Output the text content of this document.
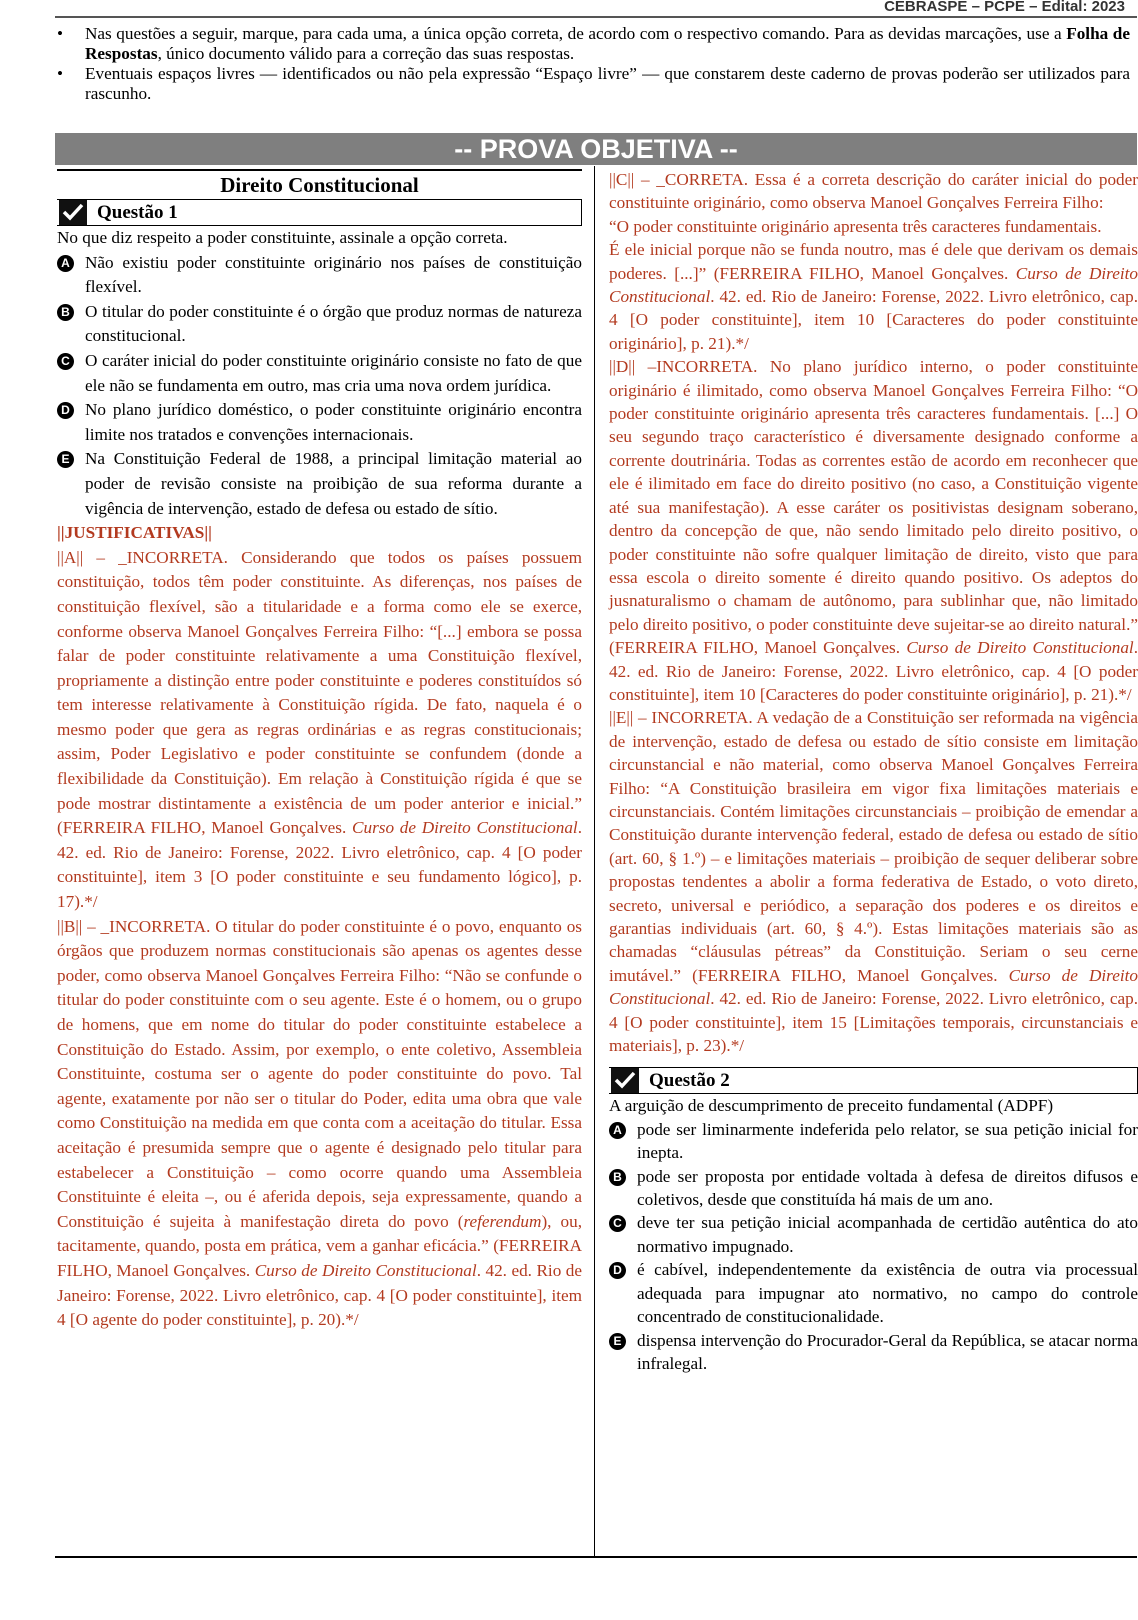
CEBRASPE – PCPE – Edital: 2023
• Nas questões a seguir, marque, para cada uma, a única opção correta, de acordo com o respectivo comando. Para as devidas marcações, use a Folha de Respostas, único documento válido para a correção das suas respostas.
• Eventuais espaços livres — identificados ou não pela expressão “Espaço livre” — que constarem deste caderno de provas poderão ser utilizados para rascunho.
-- PROVA OBJETIVA --
Direito Constitucional
Questão 1

No que diz respeito a poder constituinte, assinale a opção correta.

A Não existiu poder constituinte originário nos países de constituição flexível.
B O titular do poder constituinte é o órgão que produz normas de natureza constitucional.
C O caráter inicial do poder constituinte originário consiste no fato de que ele não se fundamenta em outro, mas cria uma nova ordem jurídica.
D No plano jurídico doméstico, o poder constituinte originário encontra limite nos tratados e convenções internacionais.
E Na Constituição Federal de 1988, a principal limitação material ao poder de revisão consiste na proibição de sua reforma durante a vigência de intervenção, estado de defesa ou estado de sítio.

||JUSTIFICATIVAS||

||A|| – _INCORRETA. Considerando que todos os países possuem constituição, todos têm poder constituinte. As diferenças, nos países de constituição flexível, são a titularidade e a forma como ele se exerce, conforme observa Manoel Gonçalves Ferreira Filho: “[...] embora se possa falar de poder constituinte relativamente a uma Constituição flexível, propriamente a distinção entre poder constituinte e poderes constituídos só tem interesse relativamente à Constituição rígida. De fato, naquela é o mesmo poder que gera as regras ordinárias e as regras constitucionais; assim, Poder Legislativo e poder constituinte se confundem (donde a flexibilidade da Constituição). Em relação à Constituição rígida é que se pode mostrar distintamente a existência de um poder anterior e inicial.” (FERREIRA FILHO, Manoel Gonçalves. Curso de Direito Constitucional. 42. ed. Rio de Janeiro: Forense, 2022. Livro eletrônico, cap. 4 [O poder constituinte], item 3 [O poder constituinte e seu fundamento lógico], p. 17).*/

||B|| – _INCORRETA. O titular do poder constituinte é o povo, enquanto os órgãos que produzem normas constitucionais são apenas os agentes desse poder, como observa Manoel Gonçalves Ferreira Filho: “Não se confunde o titular do poder constituinte com o seu agente. Este é o homem, ou o grupo de homens, que em nome do titular do poder constituinte estabelece a Constituição do Estado. Assim, por exemplo, o ente coletivo, Assembleia Constituinte, costuma ser o agente do poder constituinte do povo. Tal agente, exatamente por não ser o titular do Poder, edita uma obra que vale como Constituição na medida em que conta com a aceitação do titular. Essa aceitação é presumida sempre que o agente é designado pelo titular para estabelecer a Constituição – como ocorre quando uma Assembleia Constituinte é eleita –, ou é aferida depois, seja expressamente, quando a Constituição é sujeita à manifestação direta do povo (referendum), ou, tacitamente, quando, posta em prática, vem a ganhar eficácia.” (FERREIRA FILHO, Manoel Gonçalves. Curso de Direito Constitucional. 42. ed. Rio de Janeiro: Forense, 2022. Livro eletrônico, cap. 4 [O poder constituinte], item 4 [O agente do poder constituinte], p. 20).*/

||C|| – _CORRETA. Essa é a correta descrição do caráter inicial do poder constituinte originário, como observa Manoel Gonçalves Ferreira Filho:
“O poder constituinte originário apresenta três caracteres fundamentais.
É ele inicial porque não se funda noutro, mas é dele que derivam os demais poderes. [...]” (FERREIRA FILHO, Manoel Gonçalves. Curso de Direito Constitucional. 42. ed. Rio de Janeiro: Forense, 2022. Livro eletrônico, cap. 4 [O poder constituinte], item 10 [Caracteres do poder constituinte originário], p. 21).*/

||D|| –INCORRETA. No plano jurídico interno, o poder constituinte originário é ilimitado, como observa Manoel Gonçalves Ferreira Filho: “O poder constituinte originário apresenta três caracteres fundamentais. [...] O seu segundo traço característico é diversamente designado conforme a corrente doutrinária. Todas as correntes estão de acordo em reconhecer que ele é ilimitado em face do direito positivo (no caso, a Constituição vigente até sua manifestação). A esse caráter os positivistas designam soberano, dentro da concepção de que, não sendo limitado pelo direito positivo, o poder constituinte não sofre qualquer limitação de direito, visto que para essa escola o direito somente é direito quando positivo. Os adeptos do jusnaturalismo o chamam de autônomo, para sublinhar que, não limitado pelo direito positivo, o poder constituinte deve sujeitar-se ao direito natural.” (FERREIRA FILHO, Manoel Gonçalves. Curso de Direito Constitucional. 42. ed. Rio de Janeiro: Forense, 2022. Livro eletrônico, cap. 4 [O poder constituinte], item 10 [Caracteres do poder constituinte originário], p. 21).*/

||E|| – INCORRETA. A vedação de a Constituição ser reformada na vigência de intervenção, estado de defesa ou estado de sítio consiste em limitação circunstancial e não material, como observa Manoel Gonçalves Ferreira Filho: “A Constituição brasileira em vigor fixa limitações materiais e circunstanciais. Contém limitações circunstanciais – proibição de emendar a Constituição durante intervenção federal, estado de defesa ou estado de sítio (art. 60, § 1.º) – e limitações materiais – proibição de sequer deliberar sobre propostas tendentes a abolir a forma federativa de Estado, o voto direto, secreto, universal e periódico, a separação dos poderes e os direitos e garantias individuais (art. 60, § 4.º). Estas limitações materiais são as chamadas “cláusulas pétreas” da Constituição. Seriam o seu cerne imutável.” (FERREIRA FILHO, Manoel Gonçalves. Curso de Direito Constitucional. 42. ed. Rio de Janeiro: Forense, 2022. Livro eletrônico, cap. 4 [O poder constituinte], item 15 [Limitações temporais, circunstanciais e materiais], p. 23).*/

Questão 2

A arguição de descumprimento de preceito fundamental (ADPF)

A pode ser liminarmente indeferida pelo relator, se sua petição inicial for inepta.
B pode ser proposta por entidade voltada à defesa de direitos difusos e coletivos, desde que constituída há mais de um ano.
C deve ter sua petição inicial acompanhada de certidão autêntica do ato normativo impugnado.
D é cabível, independentemente da existência de outra via processual adequada para impugnar ato normativo, no campo do controle concentrado de constitucionalidade.
E dispensa intervenção do Procurador-Geral da República, se atacar norma infralegal.
